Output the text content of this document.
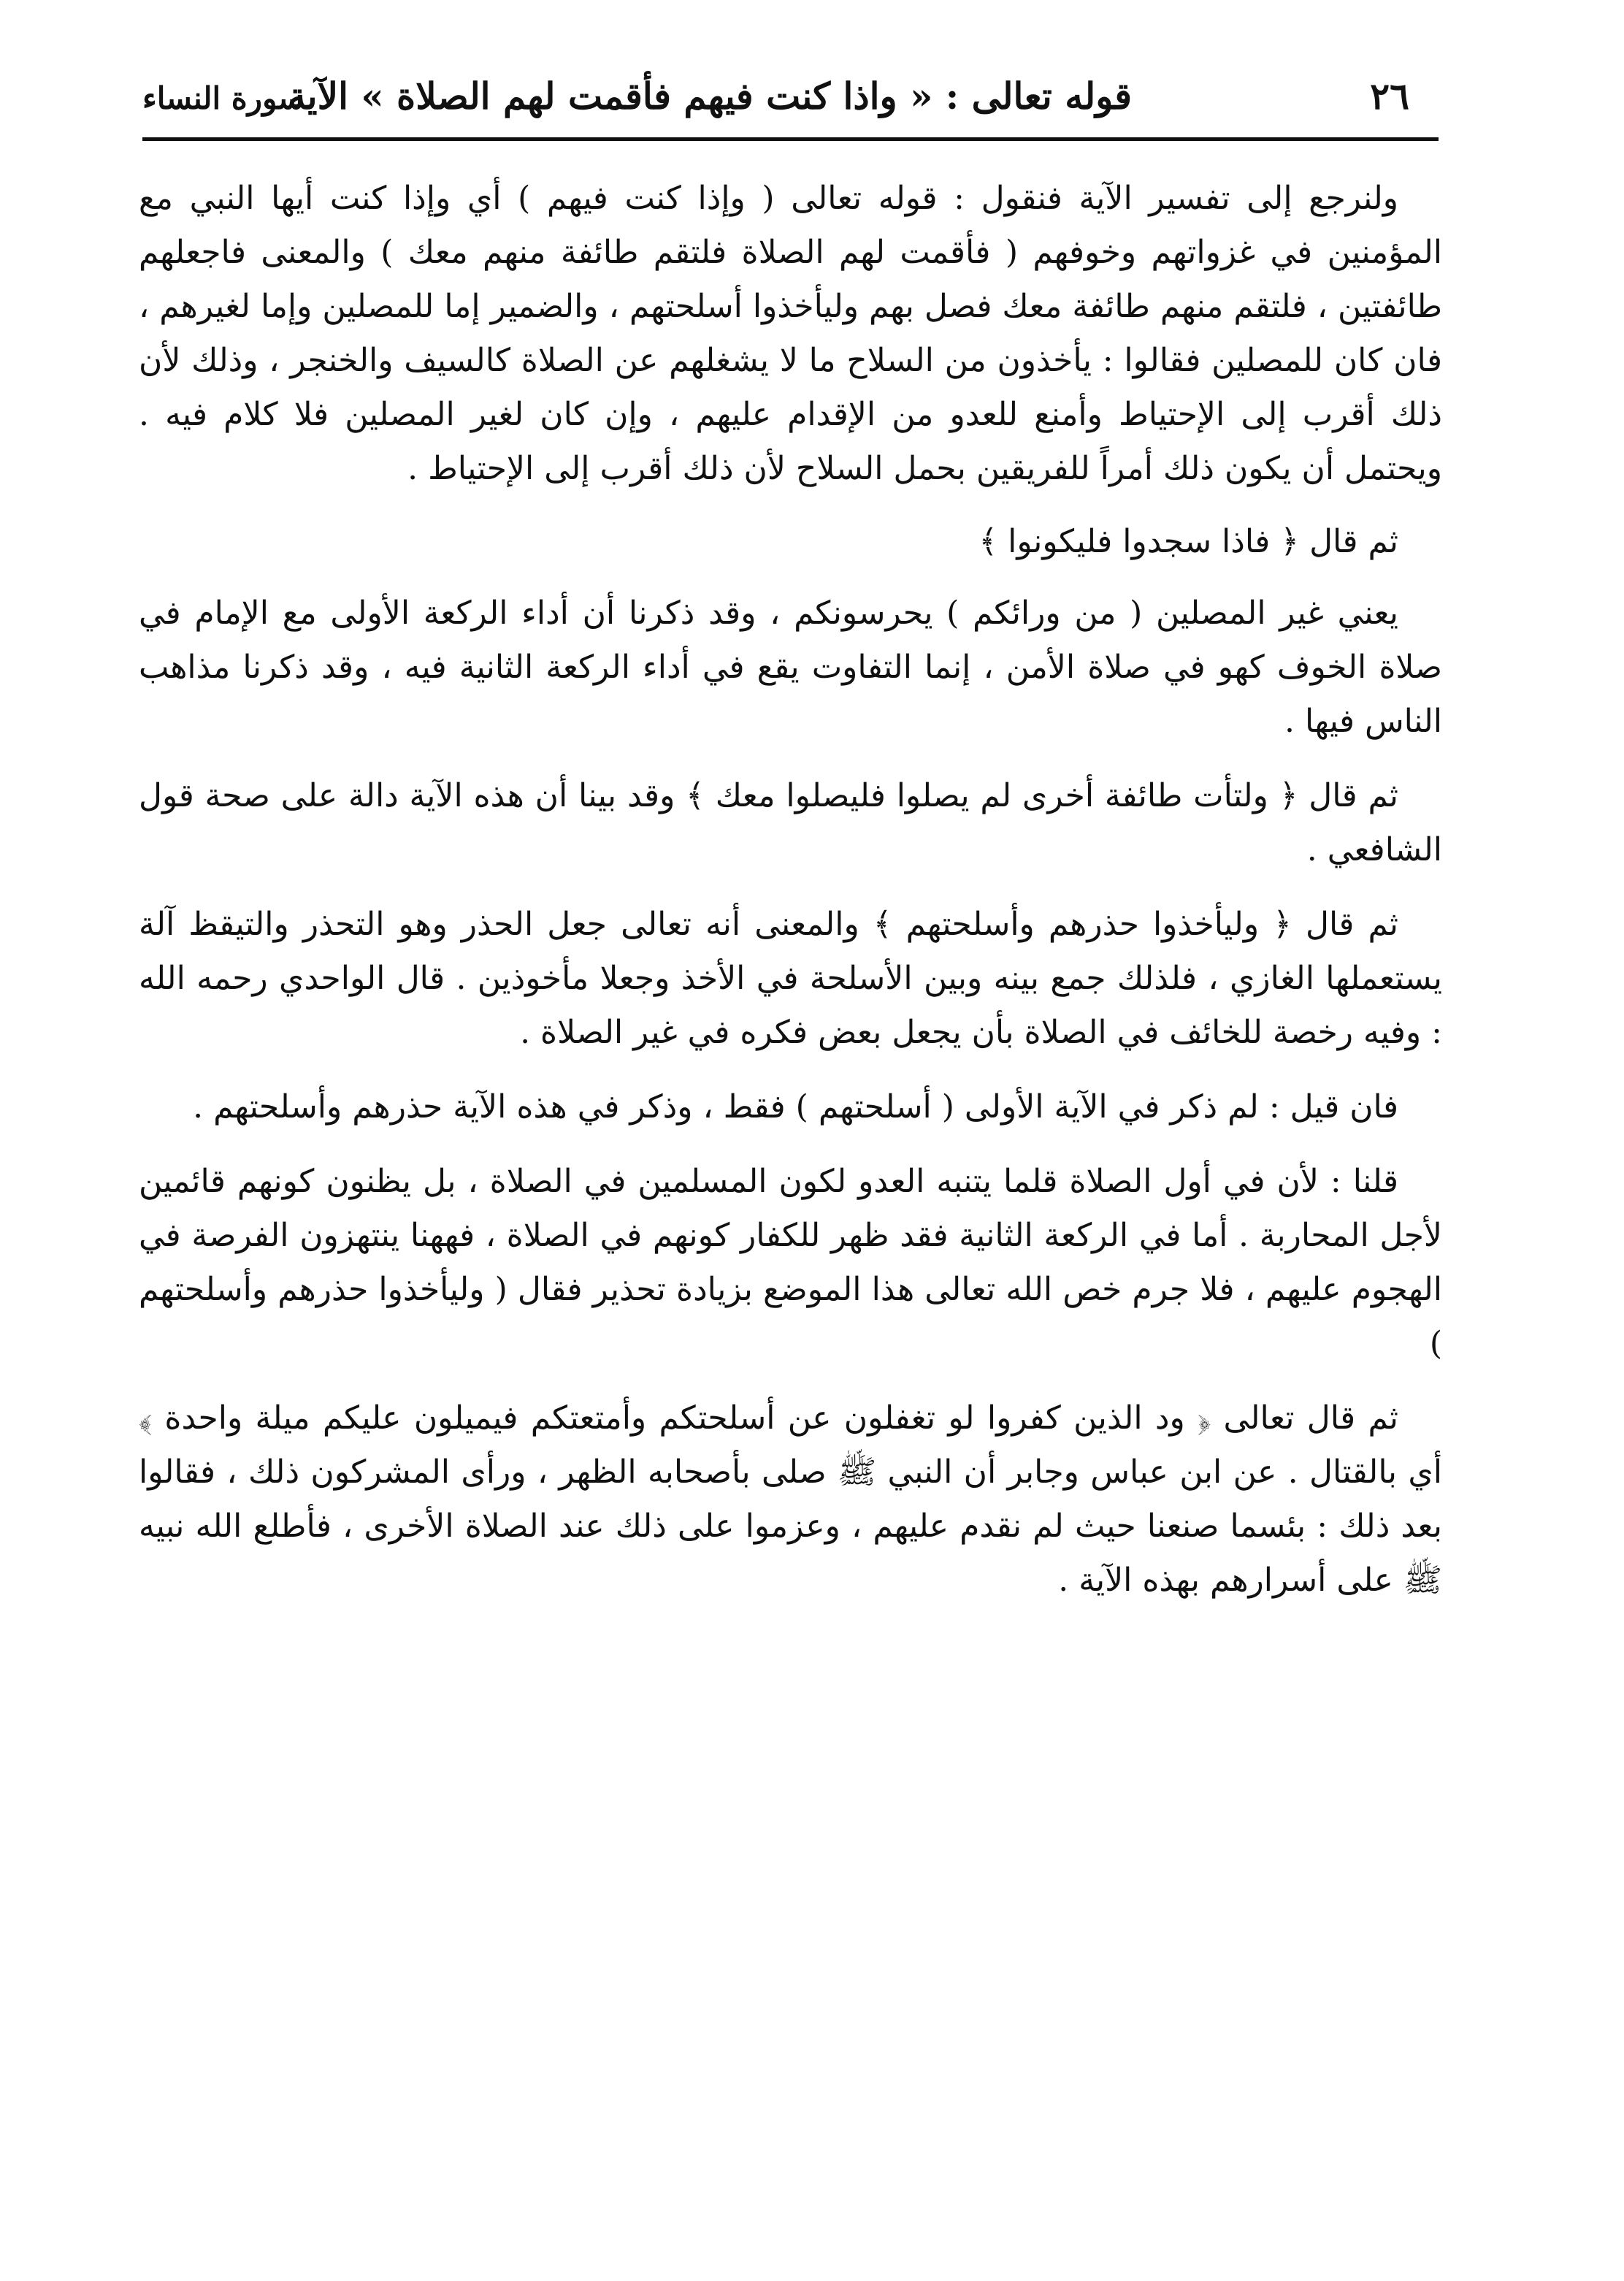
٢٦
قوله تعالى : « واذا كنت فيهم فأقمت لهم الصلاة » الآية
سورة النساء

ولنرجع إلى تفسير الآية فنقول : قوله تعالى ( وإذا كنت فيهم ) أي وإذا كنت أيها النبي مع المؤمنين في غزواتهم وخوفهم ( فأقمت لهم الصلاة فلتقم طائفة منهم معك ) والمعنى فاجعلهم طائفتين ، فلتقم منهم طائفة معك فصل بهم وليأخذوا أسلحتهم ، والضمير إما للمصلين وإما لغيرهم ، فان كان للمصلين فقالوا : يأخذون من السلاح ما لا يشغلهم عن الصلاة كالسيف والخنجر ، وذلك لأن ذلك أقرب إلى الإحتياط وأمنع للعدو من الإقدام عليهم ، وإن كان لغير المصلين فلا كلام فيه . ويحتمل أن يكون ذلك أمراً للفريقين بحمل السلاح لأن ذلك أقرب إلى الإحتياط .

ثم قال ﴿ فاذا سجدوا فليكونوا ﴾

يعني غير المصلين ( من ورائكم ) يحرسونكم ، وقد ذكرنا أن أداء الركعة الأولى مع الإمام في صلاة الخوف كهو في صلاة الأمن ، إنما التفاوت يقع في أداء الركعة الثانية فيه ، وقد ذكرنا مذاهب الناس فيها .

ثم قال ﴿ ولتأت طائفة أخرى لم يصلوا فليصلوا معك ﴾ وقد بينا أن هذه الآية دالة على صحة قول الشافعي .

ثم قال ﴿ وليأخذوا حذرهم وأسلحتهم ﴾ والمعنى أنه تعالى جعل الحذر وهو التحذر والتيقظ آلة يستعملها الغازي ، فلذلك جمع بينه وبين الأسلحة في الأخذ وجعلا مأخوذين . قال الواحدي رحمه الله : وفيه رخصة للخائف في الصلاة بأن يجعل بعض فكره في غير الصلاة .

فان قيل : لم ذكر في الآية الأولى ( أسلحتهم ) فقط ، وذكر في هذه الآية حذرهم وأسلحتهم .

قلنا : لأن في أول الصلاة قلما يتنبه العدو لكون المسلمين في الصلاة ، بل يظنون كونهم قائمين لأجل المحاربة . أما في الركعة الثانية فقد ظهر للكفار كونهم في الصلاة ، فههنا ينتهزون الفرصة في الهجوم عليهم ، فلا جرم خص الله تعالى هذا الموضع بزيادة تحذير فقال ( وليأخذوا حذرهم وأسلحتهم )

ثم قال تعالى ﴿ ود الذين كفروا لو تغفلون عن أسلحتكم وأمتعتكم فيميلون عليكم ميلة واحدة ﴾ أي بالقتال . عن ابن عباس وجابر أن النبي ﷺ صلى بأصحابه الظهر ، ورأى المشركون ذلك ، فقالوا بعد ذلك : بئسما صنعنا حيث لم نقدم عليهم ، وعزموا على ذلك عند الصلاة الأخرى ، فأطلع الله نبيه ﷺ على أسرارهم بهذه الآية .
